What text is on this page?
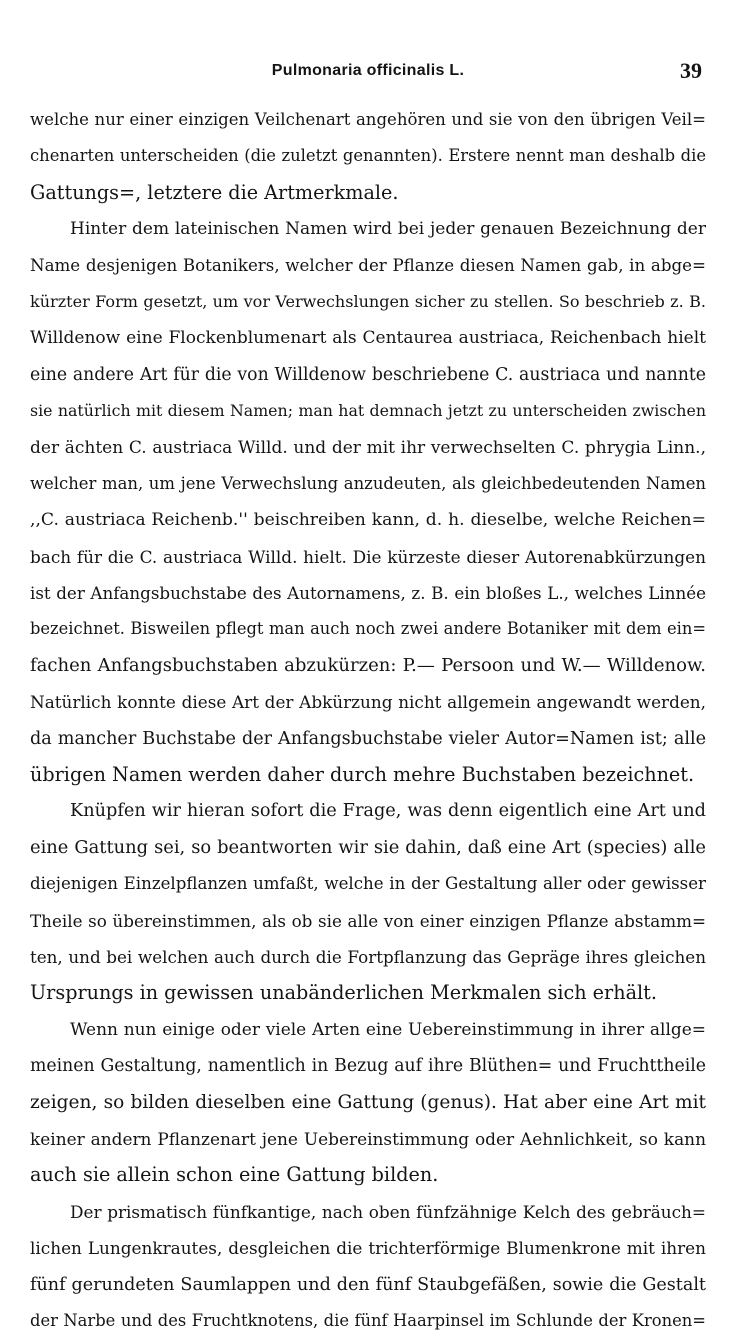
Pulmonaria officinalis L.	39
welche nur einer einzigen Veilchenart angehören und sie von den übrigen Veil=
chenarten unterscheiden (die zuletzt genannten). Erstere nennt man deshalb die
Gattungs=, letztere die Artmerkmale.
Hinter dem lateinischen Namen wird bei jeder genauen Bezeichnung der
Name desjenigen Botanikers, welcher der Pflanze diesen Namen gab, in abge=
kürzter Form gesetzt, um vor Verwechslungen sicher zu stellen. So beschrieb z. B.
Willdenow eine Flockenblumenart als Centaurea austriaca, Reichenbach hielt
eine andere Art für die von Willdenow beschriebene C. austriaca und nannte
sie natürlich mit diesem Namen; man hat demnach jetzt zu unterscheiden zwischen
der ächten C. austriaca Willd. und der mit ihr verwechselten C. phrygia Linn.,
welcher man, um jene Verwechslung anzudeuten, als gleichbedeutenden Namen
,,C. austriaca Reichenb.'' beischreiben kann, d. h. dieselbe, welche Reichen=
bach für die C. austriaca Willd. hielt. Die kürzeste dieser Autorenabkürzungen
ist der Anfangsbuchstabe des Autornamens, z. B. ein bloßes L., welches Linnée
bezeichnet. Bisweilen pflegt man auch noch zwei andere Botaniker mit dem ein=
fachen Anfangsbuchstaben abzukürzen: P.— Persoon und W.— Willdenow.
Natürlich konnte diese Art der Abkürzung nicht allgemein angewandt werden,
da mancher Buchstabe der Anfangsbuchstabe vieler Autor=Namen ist; alle
übrigen Namen werden daher durch mehre Buchstaben bezeichnet.
Knüpfen wir hieran sofort die Frage, was denn eigentlich eine Art und
eine Gattung sei, so beantworten wir sie dahin, daß eine Art (species) alle
diejenigen Einzelpflanzen umfaßt, welche in der Gestaltung aller oder gewisser
Theile so übereinstimmen, als ob sie alle von einer einzigen Pflanze abstamm=
ten, und bei welchen auch durch die Fortpflanzung das Gepräge ihres gleichen
Ursprungs in gewissen unabänderlichen Merkmalen sich erhält.
Wenn nun einige oder viele Arten eine Uebereinstimmung in ihrer allge=
meinen Gestaltung, namentlich in Bezug auf ihre Blüthen= und Fruchttheile
zeigen, so bilden dieselben eine Gattung (genus). Hat aber eine Art mit
keiner andern Pflanzenart jene Uebereinstimmung oder Aehnlichkeit, so kann
auch sie allein schon eine Gattung bilden.
Der prismatisch fünfkantige, nach oben fünfzähnige Kelch des gebräuch=
lichen Lungenkrautes, desgleichen die trichterförmige Blumenkrone mit ihren
fünf gerundeten Saumlappen und den fünf Staubgefäßen, sowie die Gestalt
der Narbe und des Fruchtknotens, die fünf Haarpinsel im Schlunde der Kronen=
